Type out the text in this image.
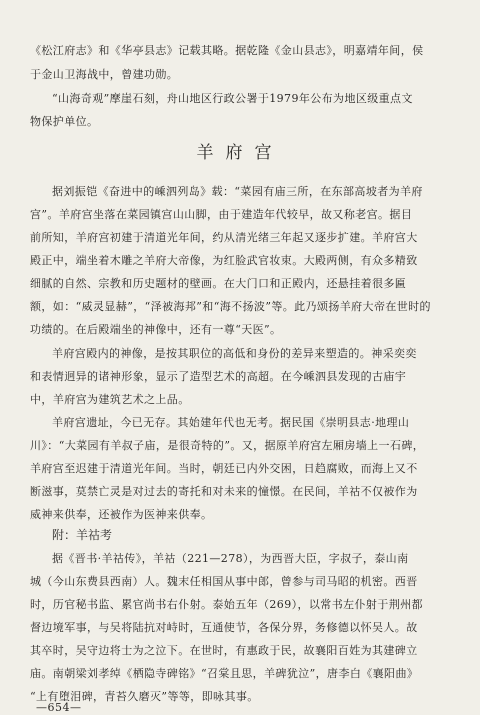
《松江府志》和《华亭县志》记载其略。据乾隆《金山县志》，明嘉靖年间，侯
于金山卫海战中，曾建功勋。
“山海奇观”摩崖石刻，舟山地区行政公署于1979年公布为地区级重点文
物保护单位。
羊府宫
据刘振铠《奋进中的嵊泗列岛》载：“菜园有庙三所，在东部高坡者为羊府
宫”。羊府宫坐落在菜园镇宫山山脚，由于建造年代较早，故又称老宫。据目
前所知，羊府宫初建于清道光年间，约从清光绪三年起又逐步扩建。羊府宫大
殿正中，端坐着木雕之羊府大帝像，为红脸武官妆束。大殿两侧，有众多精致
细腻的自然、宗教和历史题材的壁画。在大门口和正殿内，还悬挂着很多匾
额，如：“威灵显赫”，“泽被海邦”和“海不扬波”等。此乃颂扬羊府大帝在世时的
功绩的。在后殿端坐的神像中，还有一尊“天医”。
羊府宫殿内的神像，是按其职位的高低和身份的差异来塑造的。神采奕奕
和表情迥异的诸神形象，显示了造型艺术的高超。在今嵊泗县发现的古庙宇
中，羊府宫为建筑艺术之上品。
羊府宫遗址，今已无存。其始建年代也无考。据民国《崇明县志·地理山
川》：“大菜园有羊叔子庙，是很奇特的”。又，据原羊府宫左厢房墙上一石碑，
羊府宫至迟建于清道光年间。当时，朝廷已内外交困，日趋腐败，而海上又不
断滋事，莫禁亡灵是对过去的寄托和对未来的憧憬。在民间，羊祜不仅被作为
威神来供奉，还被作为医神来供奉。
附：羊祜考
据《晋书·羊祜传》，羊祜（221—278），为西晋大臣，字叔子，泰山南
城（今山东费县西南）人。魏末任相国从事中郎，曾参与司马昭的机密。西晋
时，历官秘书监、累官尚书右仆射。泰始五年（269），以常书左仆射于荆州都
督边境军事，与吴将陆抗对峙时，互通使节，各保分界，务修德以怀吴人。故
其卒时，吴守边将士为之泣下。在世时，有惠政于民，故襄阳百姓为其建碑立
庙。南朝梁刘孝绰《栖隐寺碑铭》“召棠且思，羊碑犹泣”，唐李白《襄阳曲》
“上有堕泪碑，青苔久磨灭”等等，即咏其事。
—654—
